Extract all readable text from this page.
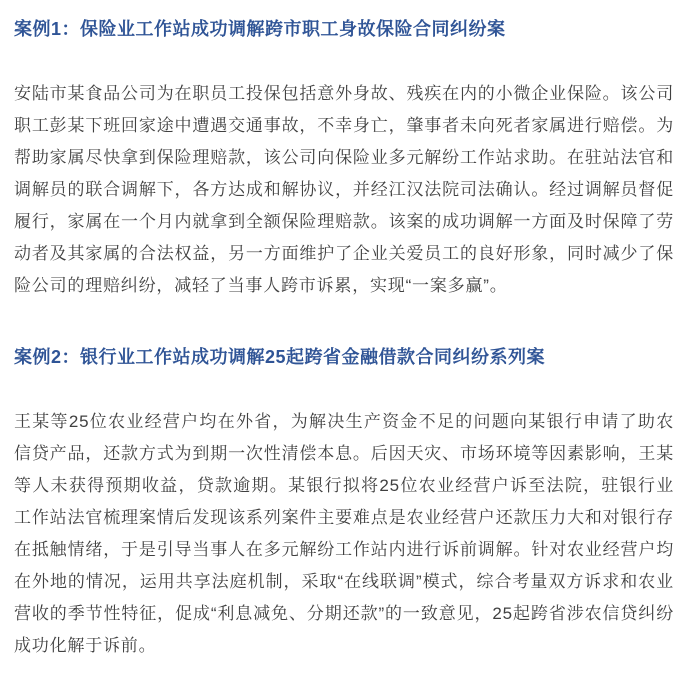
案例1：保险业工作站成功调解跨市职工身故保险合同纠纷案

安陆市某食品公司为在职员工投保包括意外身故、残疾在内的小微企业保险。该公司职工彭某下班回家途中遭遇交通事故，不幸身亡，肇事者未向死者家属进行赔偿。为帮助家属尽快拿到保险理赔款，该公司向保险业多元解纷工作站求助。在驻站法官和调解员的联合调解下，各方达成和解协议，并经江汉法院司法确认。经过调解员督促履行，家属在一个月内就拿到全额保险理赔款。该案的成功调解一方面及时保障了劳动者及其家属的合法权益，另一方面维护了企业关爱员工的良好形象，同时减少了保险公司的理赔纠纷，减轻了当事人跨市诉累，实现“一案多赢”。

案例2：银行业工作站成功调解25起跨省金融借款合同纠纷系列案

王某等25位农业经营户均在外省，为解决生产资金不足的问题向某银行申请了助农信贷产品，还款方式为到期一次性清偿本息。后因天灾、市场环境等因素影响，王某等人未获得预期收益，贷款逾期。某银行拟将25位农业经营户诉至法院，驻银行业工作站法官梳理案情后发现该系列案件主要难点是农业经营户还款压力大和对银行存在抵触情绪，于是引导当事人在多元解纷工作站内进行诉前调解。针对农业经营户均在外地的情况，运用共享法庭机制，采取“在线联调”模式，综合考量双方诉求和农业营收的季节性特征，促成“利息减免、分期还款”的一致意见，25起跨省涉农信贷纠纷成功化解于诉前。
